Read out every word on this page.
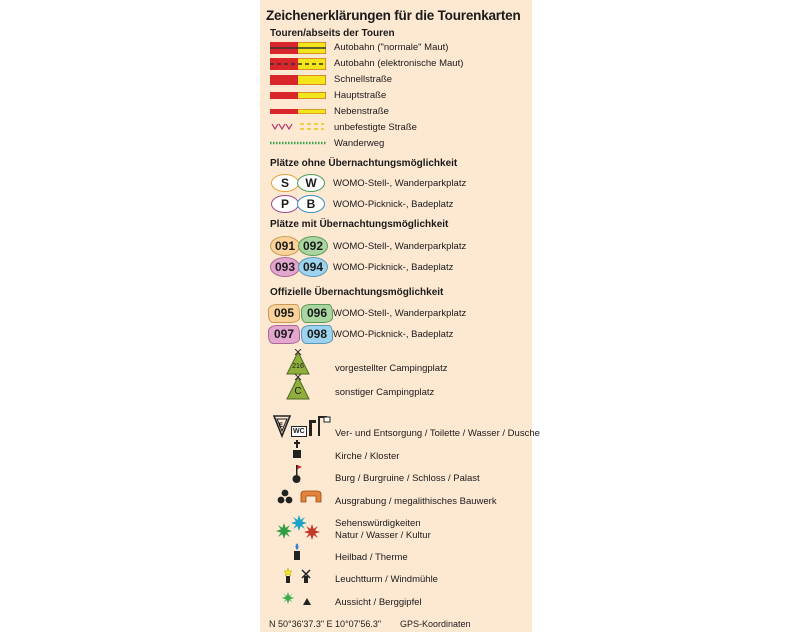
Zeichenerklärungen für die Tourenkarten
Touren/abseits der Touren
Autobahn ("normale" Maut)
Autobahn (elektronische Maut)
Schnellstraße
Hauptstraße
Nebenstraße
unbefestigte Straße
Wanderweg
Plätze ohne Übernachtungsmöglichkeit
S	W	WOMO-Stell-, Wanderparkplatz
P	B	WOMO-Picknick-, Badeplatz
Plätze mit Übernachtungsmöglichkeit
091 092	WOMO-Stell-, Wanderparkplatz
093 094	WOMO-Picknick-, Badeplatz
Offizielle Übernachtungsmöglichkeit
095	096 WOMO-Stell-, Wanderparkplatz
097	098 WOMO-Picknick-, Badeplatz
216	vorgestellter Campingplatz
C	sonstiger Campingplatz
E
WC	Ver- und Entsorgung / Toilette / Wasser / Dusche
Kirche / Kloster
Burg / Burgruine / Schloss / Palast
Ausgrabung / megalithisches Bauwerk
Sehenswürdigkeiten
Natur / Wasser / Kultur
Heilbad / Therme
Leuchtturm / Windmühle
Aussicht / Berggipfel
N 50°36'37.3" E 10°07'56.3" GPS-Koordinaten
